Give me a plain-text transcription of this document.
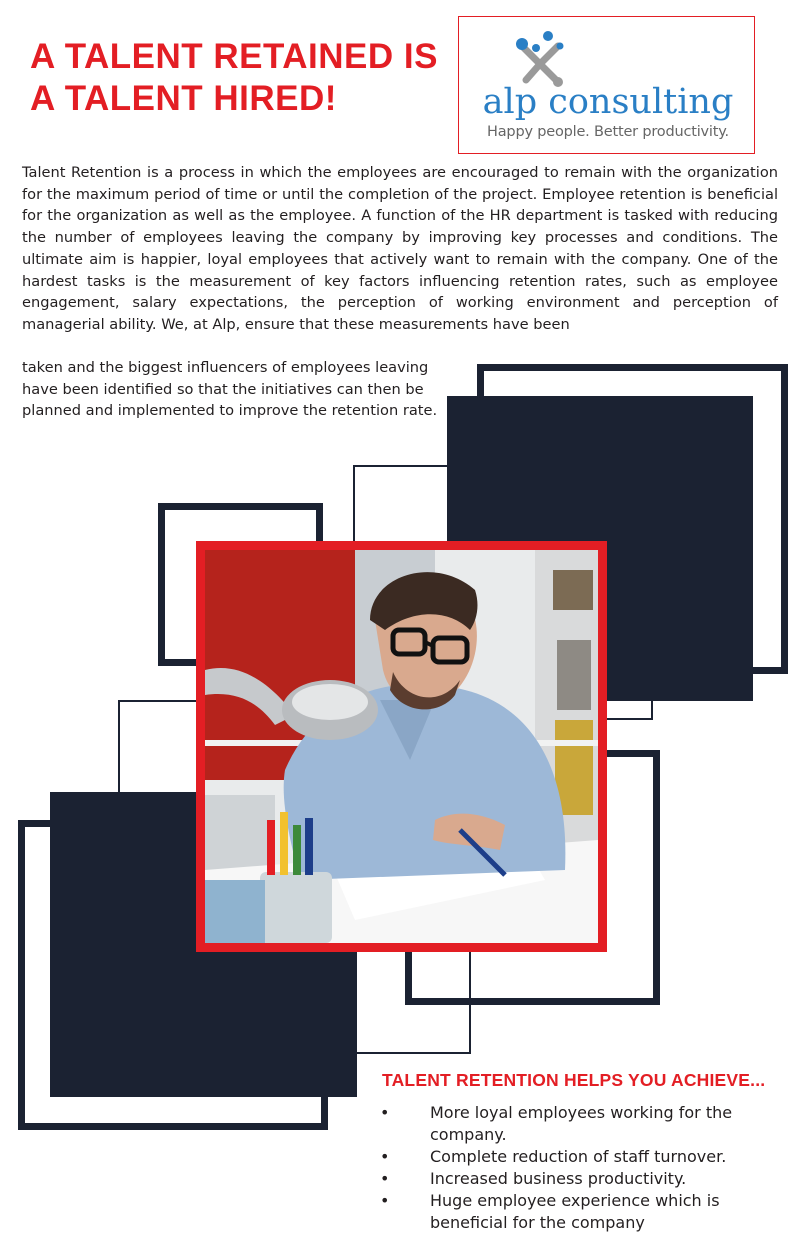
A TALENT RETAINED IS
A TALENT HIRED!	alp consulting
Happy people. Better productivity.
Talent Retention is a process in which the employees are encouraged to remain with the organization for the maximum period of time or until the completion of the project. Employee retention is beneficial for the organization as well as the employee. A function of the HR department is tasked with reducing the number of employees leaving the company by improving key processes and conditions. The ultimate aim is happier, loyal employees that actively want to remain with the company. One of the hardest tasks is the measurement of key factors influencing retention rates, such as employee engagement, salary expectations, the perception of working environment and perception of managerial ability. We, at Alp, ensure that these measurements have been
taken and the biggest influencers of employees leaving have been identified so that the initiatives can then be planned and implemented to improve the retention rate.
TALENT RETENTION HELPS YOU ACHIEVE...
• More loyal employees working for the company.
• Complete reduction of staff turnover.
• Increased business productivity.
• Huge employee experience which is beneficial for the company
